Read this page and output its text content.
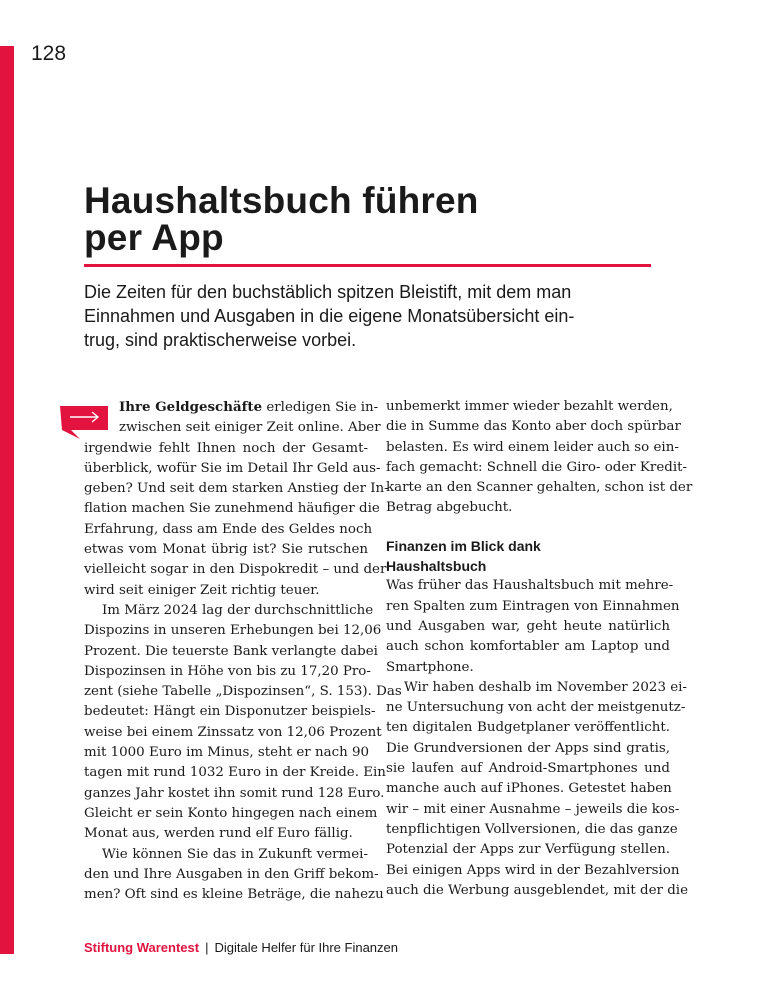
128
Haushaltsbuch führen
per App

Die Zeiten für den buchstäblich spitzen Bleistift, mit dem man
Einnahmen und Ausgaben in die eigene Monatsübersicht ein-
trug, sind praktischerweise vorbei.

Ihre Geldgeschäfte erledigen Sie in-
zwischen seit einiger Zeit online. Aber
irgendwie fehlt Ihnen noch der Gesamt-
überblick, wofür Sie im Detail Ihr Geld aus-
geben? Und seit dem starken Anstieg der In-
flation machen Sie zunehmend häufiger die
Erfahrung, dass am Ende des Geldes noch
etwas vom Monat übrig ist? Sie rutschen
vielleicht sogar in den Dispokredit – und der
wird seit einiger Zeit richtig teuer.
Im März 2024 lag der durchschnittliche
Dispozins in unseren Erhebungen bei 12,06
Prozent. Die teuerste Bank verlangte dabei
Dispozinsen in Höhe von bis zu 17,20 Pro-
zent (siehe Tabelle „Dispozinsen“, S. 153). Das
bedeutet: Hängt ein Disponutzer beispiels-
weise bei einem Zinssatz von 12,06 Prozent
mit 1000 Euro im Minus, steht er nach 90
tagen mit rund 1032 Euro in der Kreide. Ein
ganzes Jahr kostet ihn somit rund 128 Euro.
Gleicht er sein Konto hingegen nach einem
Monat aus, werden rund elf Euro fällig.
Wie können Sie das in Zukunft vermei-
den und Ihre Ausgaben in den Griff bekom-
men? Oft sind es kleine Beträge, die nahezu
unbemerkt immer wieder bezahlt werden,
die in Summe das Konto aber doch spürbar
belasten. Es wird einem leider auch so ein-
fach gemacht: Schnell die Giro- oder Kredit-
karte an den Scanner gehalten, schon ist der
Betrag abgebucht.
Finanzen im Blick dank
Haushaltsbuch
Was früher das Haushaltsbuch mit mehre-
ren Spalten zum Eintragen von Einnahmen
und Ausgaben war, geht heute natürlich
auch schon komfortabler am Laptop und
Smartphone.
Wir haben deshalb im November 2023 ei-
ne Untersuchung von acht der meistgenutz-
ten digitalen Budgetplaner veröffentlicht.
Die Grundversionen der Apps sind gratis,
sie laufen auf Android-Smartphones und
manche auch auf iPhones. Getestet haben
wir – mit einer Ausnahme – jeweils die kos-
tenpflichtigen Vollversionen, die das ganze
Potenzial der Apps zur Verfügung stellen.
Bei einigen Apps wird in der Bezahlversion
auch die Werbung ausgeblendet, mit der die
Stiftung Warentest | Digitale Helfer für Ihre Finanzen
